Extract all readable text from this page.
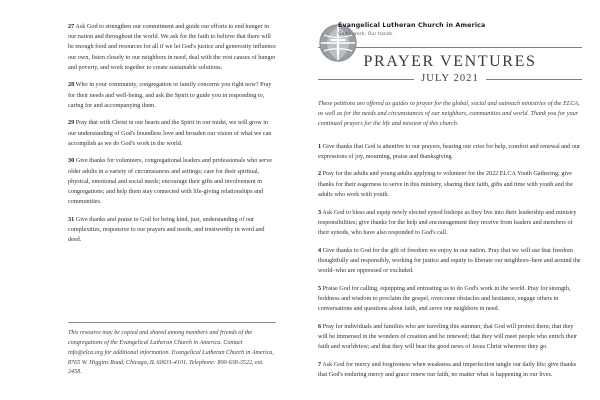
27 Ask God to strengthen our commitment and guide our efforts to end hunger in our nation and throughout the world. We ask for the faith to believe that there will be enough food and resources for all if we let God's justice and generosity influence our own, listen closely to our neighbors in need, deal with the root causes of hunger and poverty, and work together to create sustainable solutions.
28 Who in your community, congregation or family concerns you right now? Pray for their needs and well-being, and ask the Spirit to guide you in responding to, caring for and accompanying them.
29 Pray that with Christ in our hearts and the Spirit in our midst, we will grow in our understanding of God's boundless love and broaden our vision of what we can accomplish as we do God's work in the world.
30 Give thanks for volunteers, congregational leaders and professionals who serve older adults in a variety of circumstances and settings; care for their spiritual, physical, emotional and social needs; encourage their gifts and involvement in congregations; and help them stay connected with life-giving relationships and communities.
31 Give thanks and praise to God for being kind, just, understanding of our complexities, responsive to our prayers and needs, and trustworthy in word and deed.
This resource may be copied and shared among members and friends of the congregations of the Evangelical Lutheran Church in America. Contact info@elca.org for additional information. Evangelical Lutheran Church in America, 8765 W. Higgins Road, Chicago, IL 60631-4101. Telephone: 800-638-3522, ext. 2458.
Evangelical Lutheran Church in America
God's work. Our hands.
PRAYER VENTURES
JULY 2021
These petitions are offered as guides to prayer for the global, social and outreach ministries of the ELCA, as well as for the needs and circumstances of our neighbors, communities and world. Thank you for your continued prayers for the life and mission of this church.
1 Give thanks that God is attentive to our prayers, hearing our cries for help, comfort and renewal and our expressions of joy, mourning, praise and thanksgiving.
2 Pray for the adults and young adults applying to volunteer for the 2022 ELCA Youth Gathering; give thanks for their eagerness to serve in this ministry, sharing their faith, gifts and time with youth and the adults who work with youth.
3 Ask God to bless and equip newly elected synod bishops as they live into their leadership and ministry responsibilities; give thanks for the help and encouragement they receive from leaders and members of their synods, who have also responded to God's call.
4 Give thanks to God for the gift of freedom we enjoy in our nation. Pray that we will use that freedom thoughtfully and responsibly, working for justice and equity to liberate our neighbors–here and around the world–who are oppressed or excluded.
5 Praise God for calling, equipping and entrusting us to do God's work in the world. Pray for strength, boldness and wisdom to proclaim the gospel, overcome obstacles and hesitance, engage others in conversations and questions about faith, and serve our neighbors in need.
6 Pray for individuals and families who are traveling this summer, that God will protect them; that they will be immersed in the wonders of creation and be renewed; that they will meet people who enrich their faith and worldview; and that they will bear the good news of Jesus Christ wherever they go.
7 Ask God for mercy and forgiveness when weakness and imperfection tangle our daily life; give thanks that God's enduring mercy and grace renew our faith, no matter what is happening in our lives.
